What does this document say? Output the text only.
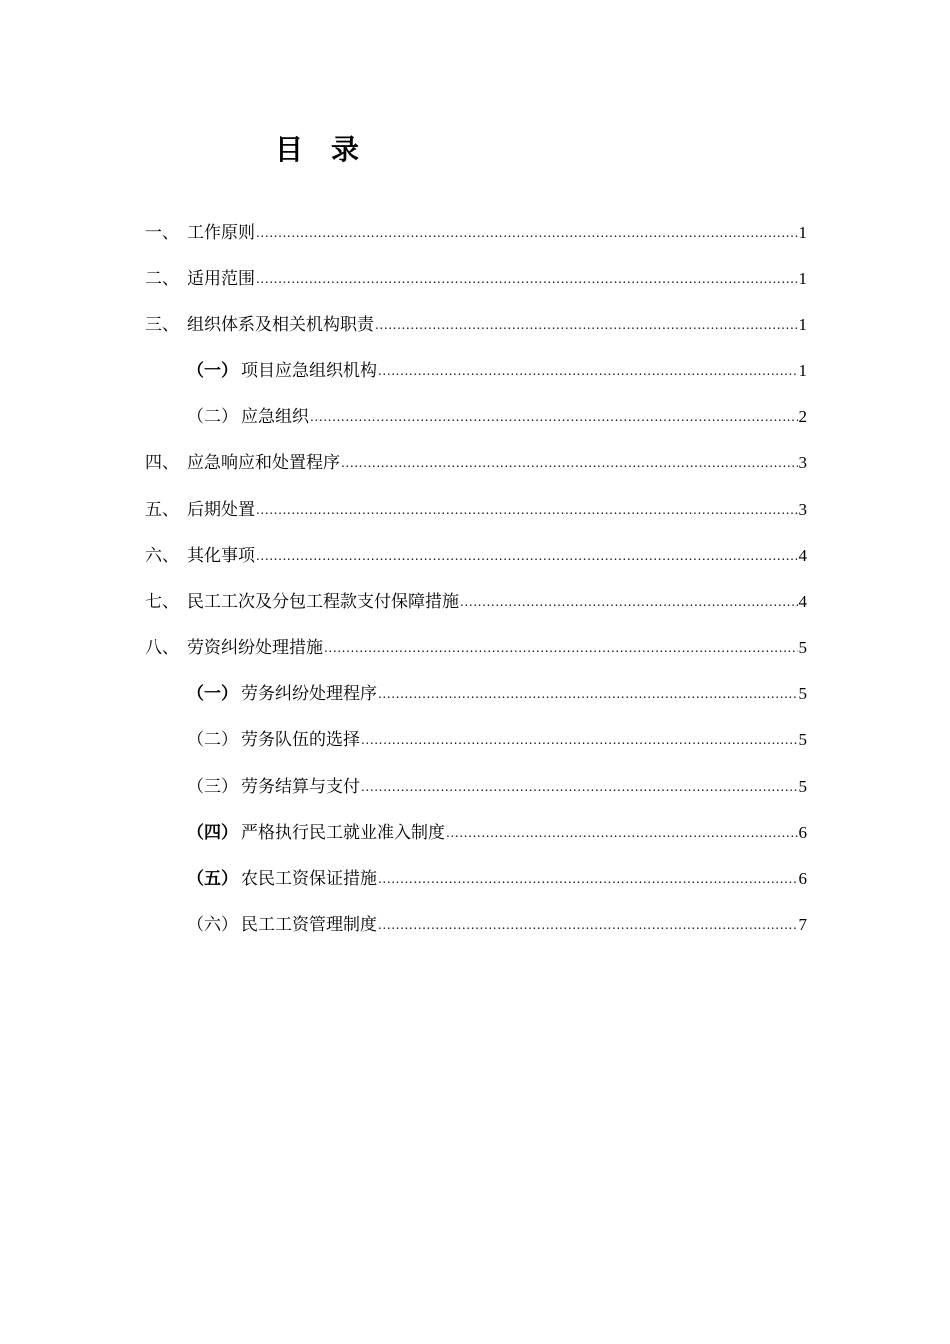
目　录
一、 工作原则 .....	1
二、 适用范围 .....	1
三、 组织体系及相关机构职责 .....	1
（一） 项目应急组织机构 .....	1
（二） 应急组织 .....	2
四、 应急响应和处置程序 .....	3
五、 后期处置 .....	3
六、 其化事项 .....	4
七、 民工工次及分包工程款支付保障措施 .....	4
八、 劳资纠纷处理措施 .....	5
（一） 劳务纠纷处理程序 .....	5
（二） 劳务队伍的选择 .....	5
（三） 劳务结算与支付 .....	5
（四） 严格执行民工就业准入制度 .....	6
（五） 农民工资保证措施 .....	6
（六） 民工工资管理制度 .....	7
